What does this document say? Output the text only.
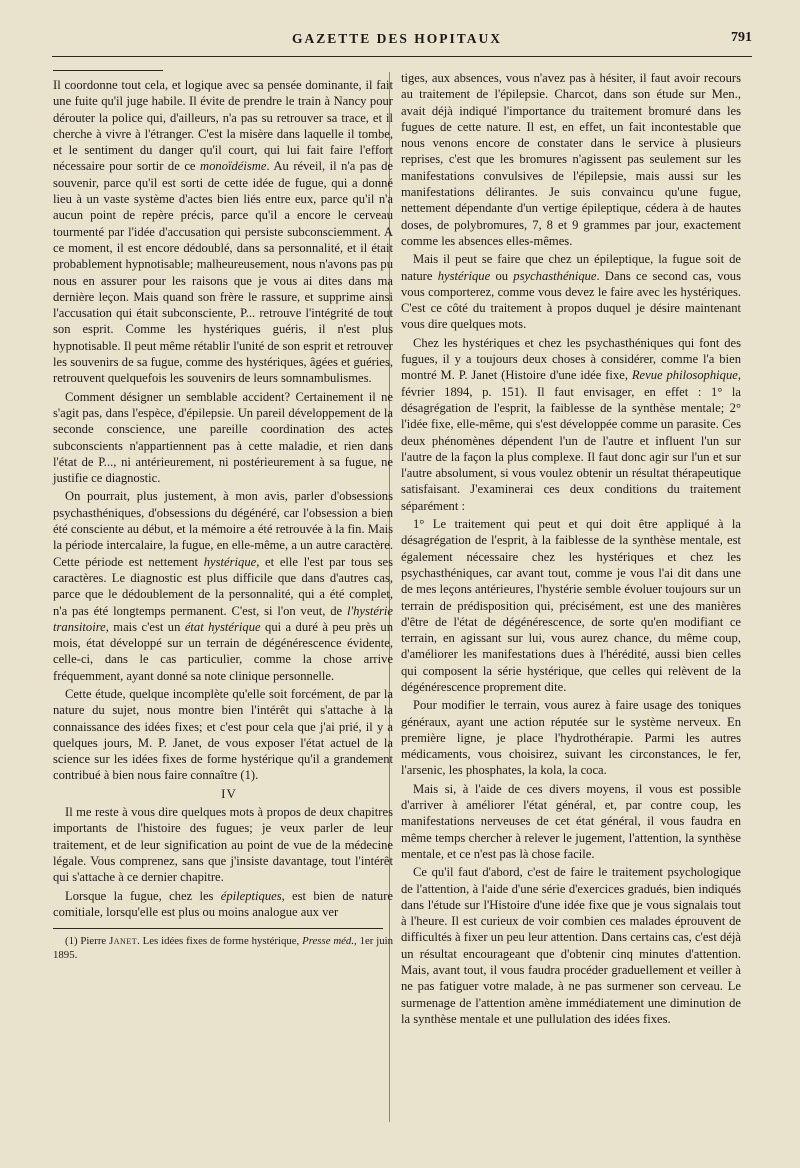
GAZETTE DES HOPITAUX	791

Il coordonne tout cela, et logique avec sa pensée dominante, il fait une fuite qu'il juge habile. Il évite de prendre le train à Nancy pour dérouter la police qui, d'ailleurs, n'a pas su retrouver sa trace, et il cherche à vivre à l'étranger. C'est la misère dans laquelle il tombe, et le sentiment du danger qu'il court, qui lui fait faire l'effort nécessaire pour sortir de ce monoïdéisme. Au réveil, il n'a pas de souvenir, parce qu'il est sorti de cette idée de fugue, qui a donné lieu à un vaste système d'actes bien liés entre eux, parce qu'il n'a aucun point de repère précis, parce qu'il a encore le cerveau tourmenté par l'idée d'accusation qui persiste subconsciemment. A ce moment, il est encore dédoublé, dans sa personnalité, et il était probablement hypnotisable; malheureusement, nous n'avons pas pu nous en assurer pour les raisons que je vous ai dites dans ma dernière leçon. Mais quand son frère le rassure, et supprime ainsi l'accusation qui était subconsciente, P... retrouve l'intégrité de tout son esprit. Comme les hystériques guéris, il n'est plus hypnotisable. Il peut même rétablir l'unité de son esprit et retrouver les souvenirs de sa fugue, comme des hystériques, âgées et guéries, retrouvent quelquefois les souvenirs de leurs somnambulismes.

Comment désigner un semblable accident? Certainement il ne s'agit pas, dans l'espèce, d'épilepsie. Un pareil développement de la seconde conscience, une pareille coordination des actes subconscients n'appartiennent pas à cette maladie, et rien dans l'état de P..., ni antérieurement, ni postérieurement à sa fugue, ne justifie ce diagnostic.

On pourrait, plus justement, à mon avis, parler d'obsessions psychasthéniques, d'obsessions du dégénéré, car l'obsession a bien été consciente au début, et la mémoire a été retrouvée à la fin. Mais la période intercalaire, la fugue, en elle-même, a un autre caractère. Cette période est nettement hystérique, et elle l'est par tous ses caractères. Le diagnostic est plus difficile que dans d'autres cas, parce que le dédoublement de la personnalité, qui a été complet, n'a pas été longtemps permanent. C'est, si l'on veut, de l'hystérie transitoire, mais c'est un état hystérique qui a duré à peu près un mois, état développé sur un terrain de dégénérescence évidente, celle-ci, dans le cas particulier, comme la chose arrive fréquemment, ayant donné sa note clinique personnelle.

Cette étude, quelque incomplète qu'elle soit forcément, de par la nature du sujet, nous montre bien l'intérêt qui s'attache à la connaissance des idées fixes; et c'est pour cela que j'ai prié, il y a quelques jours, M. P. Janet, de vous exposer l'état actuel de la science sur les idées fixes de forme hystérique qu'il a grandement contribué à bien nous faire connaître (1).

IV

Il me reste à vous dire quelques mots à propos de deux chapitres importants de l'histoire des fugues; je veux parler de leur traitement, et de leur signification au point de vue de la médecine légale. Vous comprenez, sans que j'insiste davantage, tout l'intérêt qui s'attache à ce dernier chapitre.

Lorsque la fugue, chez les épileptiques, est bien de nature comitiale, lorsqu'elle est plus ou moins analogue aux ver

(1) Pierre Janet. Les idées fixes de forme hystérique, Presse méd., 1er juin 1895.

tiges, aux absences, vous n'avez pas à hésiter, il faut avoir recours au traitement de l'épilepsie. Charcot, dans son étude sur Men., avait déjà indiqué l'importance du traitement bromuré dans les fugues de cette nature. Il est, en effet, un fait incontestable que nous venons encore de constater dans le service à plusieurs reprises, c'est que les bromures n'agissent pas seulement sur les manifestations convulsives de l'épilepsie, mais aussi sur les manifestations délirantes. Je suis convaincu qu'une fugue, nettement dépendante d'un vertige épileptique, cédera à de hautes doses, de polybromures, 7, 8 et 9 grammes par jour, exactement comme les absences elles-mêmes.

Mais il peut se faire que chez un épileptique, la fugue soit de nature hystérique ou psychasthénique. Dans ce second cas, vous vous comporterez, comme vous devez le faire avec les hystériques. C'est ce côté du traitement à propos duquel je désire maintenant vous dire quelques mots.

Chez les hystériques et chez les psychasthéniques qui font des fugues, il y a toujours deux choses à considérer, comme l'a bien montré M. P. Janet (Histoire d'une idée fixe, Revue philosophique, février 1894, p. 151). Il faut envisager, en effet : 1° la désagrégation de l'esprit, la faiblesse de la synthèse mentale; 2° l'idée fixe, elle-même, qui s'est développée comme un parasite. Ces deux phénomènes dépendent l'un de l'autre et influent l'un sur l'autre de la façon la plus complexe. Il faut donc agir sur l'un et sur l'autre absolument, si vous voulez obtenir un résultat thérapeutique satisfaisant. J'examinerai ces deux conditions du traitement séparément :

1° Le traitement qui peut et qui doit être appliqué à la désagrégation de l'esprit, à la faiblesse de la synthèse mentale, est également nécessaire chez les hystériques et chez les psychasthéniques, car avant tout, comme je vous l'ai dit dans une de mes leçons antérieures, l'hystérie semble évoluer toujours sur un terrain de prédisposition qui, précisément, est une des manières d'être de l'état de dégénérescence, de sorte qu'en modifiant ce terrain, en agissant sur lui, vous aurez chance, du même coup, d'améliorer les manifestations dues à l'hérédité, aussi bien celles qui composent la série hystérique, que celles qui relèvent de la dégénérescence proprement dite.

Pour modifier le terrain, vous aurez à faire usage des toniques généraux, ayant une action réputée sur le système nerveux. En première ligne, je place l'hydrothérapie. Parmi les autres médicaments, vous choisirez, suivant les circonstances, le fer, l'arsenic, les phosphates, la kola, la coca.

Mais si, à l'aide de ces divers moyens, il vous est possible d'arriver à améliorer l'état général, et, par contre coup, les manifestations nerveuses de cet état général, il vous faudra en même temps chercher à relever le jugement, l'attention, la synthèse mentale, et ce n'est pas là chose facile.

Ce qu'il faut d'abord, c'est de faire le traitement psychologique de l'attention, à l'aide d'une série d'exercices gradués, bien indiqués dans l'étude sur l'Histoire d'une idée fixe que je vous signalais tout à l'heure. Il est curieux de voir combien ces malades éprouvent de difficultés à fixer un peu leur attention. Dans certains cas, c'est déjà un résultat encourageant que d'obtenir cinq minutes d'attention. Mais, avant tout, il vous faudra procéder graduellement et veiller à ne pas fatiguer votre malade, à ne pas surmener son cerveau. Le surmenage de l'attention amène immédiatement une diminution de la synthèse mentale et une pullulation des idées fixes.
